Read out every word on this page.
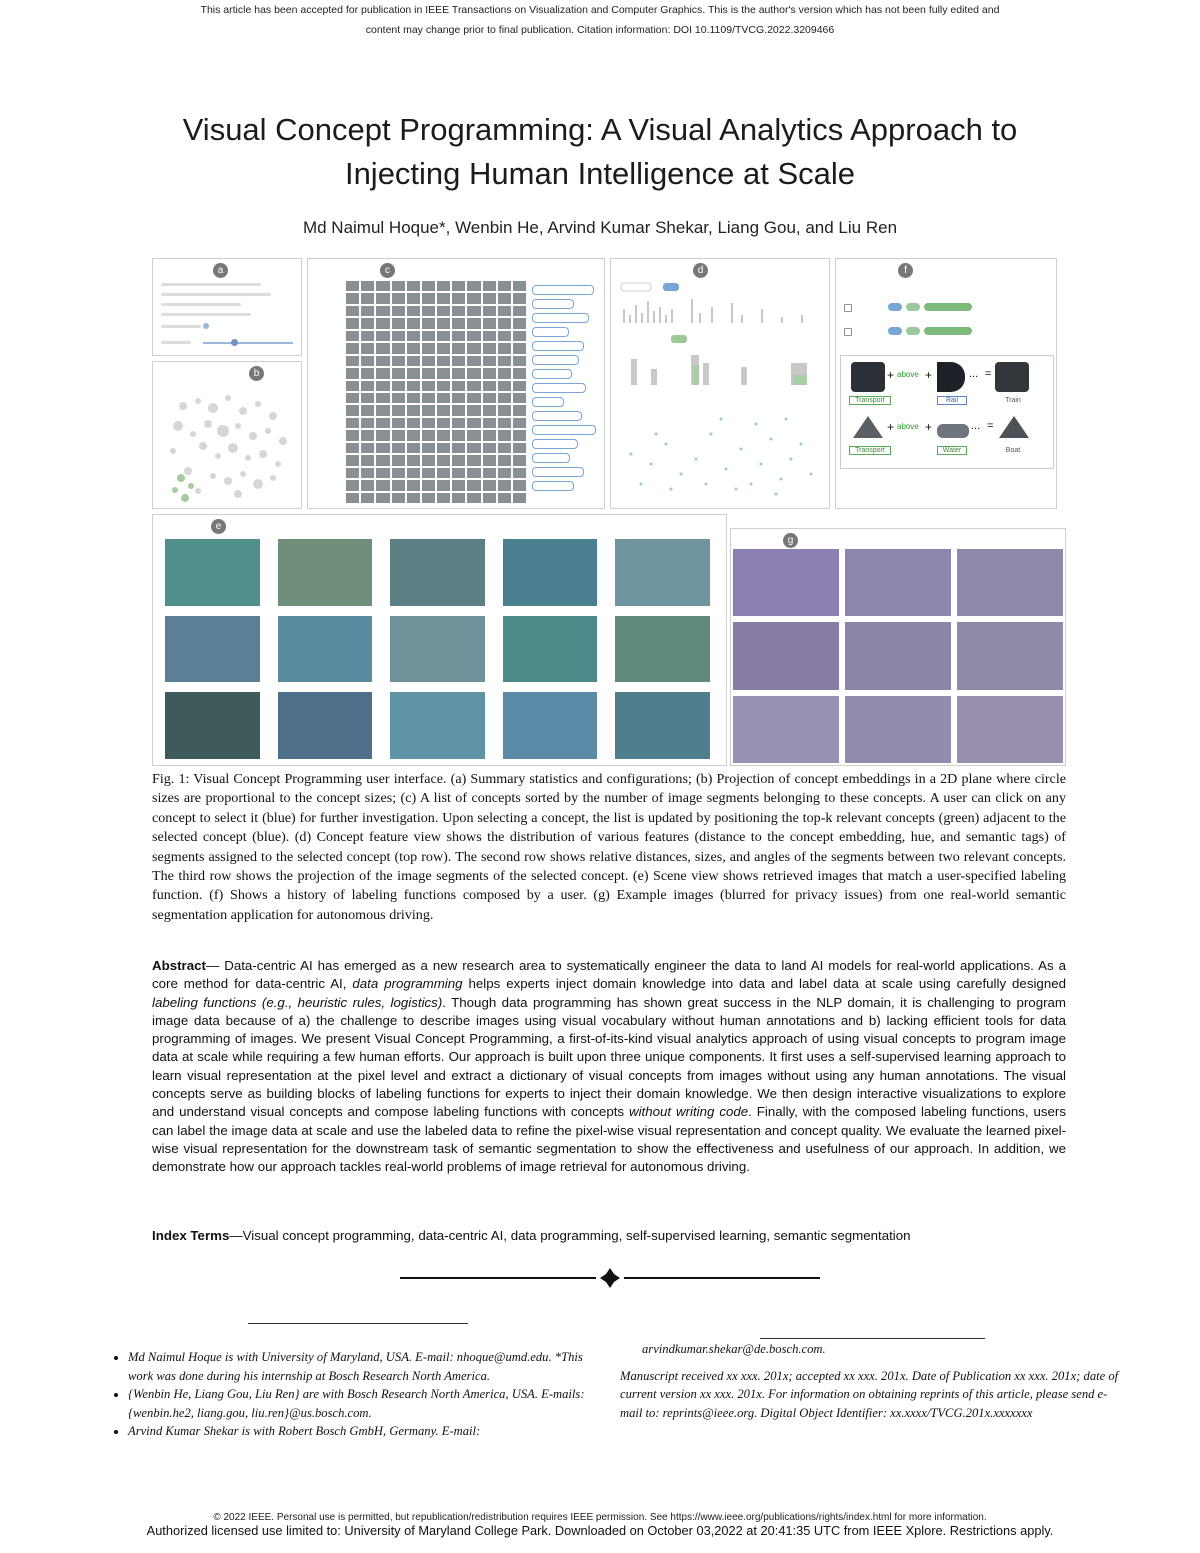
This article has been accepted for publication in IEEE Transactions on Visualization and Computer Graphics. This is the author's version which has not been fully edited and
content may change prior to final publication. Citation information: DOI 10.1109/TVCG.2022.3209466
Visual Concept Programming: A Visual Analytics Approach to
Injecting Human Intelligence at Scale
Md Naimul Hoque*, Wenbin He, Arvind Kumar Shekar, Liang Gou, and Liu Ren
a
b
c	d	f
+ above +	... =
Transport	Rail	Train
+ above +	... =
Transport	Water	Boat
e
g
Fig. 1: Visual Concept Programming user interface. (a) Summary statistics and configurations; (b) Projection of concept embeddings in a 2D plane where circle sizes are proportional to the concept sizes; (c) A list of concepts sorted by the number of image segments belonging to these concepts. A user can click on any concept to select it (blue) for further investigation. Upon selecting a concept, the list is updated by positioning the top-k relevant concepts (green) adjacent to the selected concept (blue). (d) Concept feature view shows the distribution of various features (distance to the concept embedding, hue, and semantic tags) of segments assigned to the selected concept (top row). The second row shows relative distances, sizes, and angles of the segments between two relevant concepts. The third row shows the projection of the image segments of the selected concept. (e) Scene view shows retrieved images that match a user-specified labeling function. (f) Shows a history of labeling functions composed by a user. (g) Example images (blurred for privacy issues) from one real-world semantic segmentation application for autonomous driving.
Abstract— Data-centric AI has emerged as a new research area to systematically engineer the data to land AI models for real-world applications. As a core method for data-centric AI, data programming helps experts inject domain knowledge into data and label data at scale using carefully designed labeling functions (e.g., heuristic rules, logistics). Though data programming has shown great success in the NLP domain, it is challenging to program image data because of a) the challenge to describe images using visual vocabulary without human annotations and b) lacking efficient tools for data programming of images. We present Visual Concept Programming, a first-of-its-kind visual analytics approach of using visual concepts to program image data at scale while requiring a few human efforts. Our approach is built upon three unique components. It first uses a self-supervised learning approach to learn visual representation at the pixel level and extract a dictionary of visual concepts from images without using any human annotations. The visual concepts serve as building blocks of labeling functions for experts to inject their domain knowledge. We then design interactive visualizations to explore and understand visual concepts and compose labeling functions with concepts without writing code. Finally, with the composed labeling functions, users can label the image data at scale and use the labeled data to refine the pixel-wise visual representation and concept quality. We evaluate the learned pixel-wise visual representation for the downstream task of semantic segmentation to show the effectiveness and usefulness of our approach. In addition, we demonstrate how our approach tackles real-world problems of image retrieval for autonomous driving.
Index Terms—Visual concept programming, data-centric AI, data programming, self-supervised learning, semantic segmentation
• Md Naimul Hoque is with University of Maryland, USA. E-mail: nhoque@umd.edu. *This work was done during his internship at Bosch Research North America.
• {Wenbin He, Liang Gou, Liu Ren} are with Bosch Research North America, USA. E-mails: {wenbin.he2, liang.gou, liu.ren}@us.bosch.com.
• Arvind Kumar Shekar is with Robert Bosch GmbH, Germany. E-mail:
arvindkumar.shekar@de.bosch.com.
Manuscript received xx xxx. 201x; accepted xx xxx. 201x. Date of Publication xx xxx. 201x; date of current version xx xxx. 201x. For information on obtaining reprints of this article, please send e-mail to: reprints@ieee.org. Digital Object Identifier: xx.xxxx/TVCG.201x.xxxxxxx
© 2022 IEEE. Personal use is permitted, but republication/redistribution requires IEEE permission. See https://www.ieee.org/publications/rights/index.html for more information.
Authorized licensed use limited to: University of Maryland College Park. Downloaded on October 03,2022 at 20:41:35 UTC from IEEE Xplore. Restrictions apply.
